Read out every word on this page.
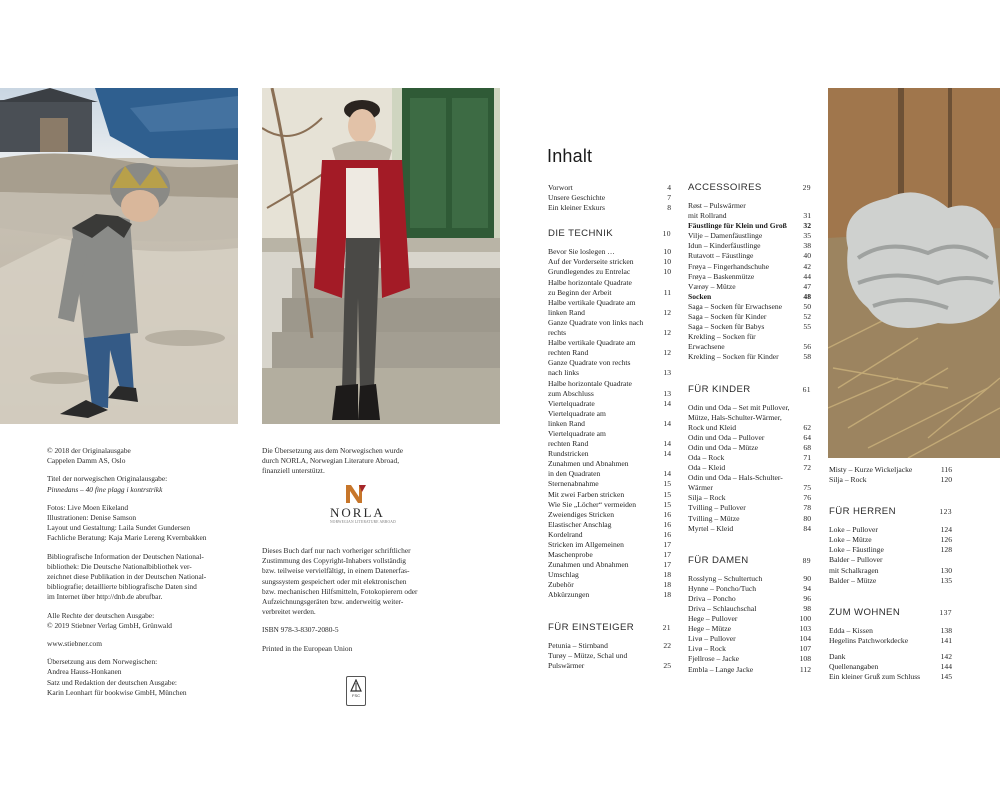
© 2018 der Originalausgabe
Cappelen Damm AS, Oslo
Titel der norwegischen Originalausgabe:
Pinnedans – 40 fine plagg i kontrstrikk
Fotos: Live Moen Eikeland
Illustrationen: Denise Samson
Layout und Gestaltung: Laila Sundet Gundersen
Fachliche Beratung: Kaja Marie Lereng Kvernbakken
Bibliografische Information der Deutschen National-
bibliothek: Die Deutsche Nationalbibliothek ver-
zeichnet diese Publikation in der Deutschen National-
bibliografie; detaillierte bibliografische Daten sind
im Internet über http://dnb.de abrufbar.
Alle Rechte der deutschen Ausgabe:
© 2019 Stiebner Verlag GmbH, Grünwald
www.stiebner.com
Übersetzung aus dem Norwegischen:
Andrea Hauss-Honkanen
Satz und Redaktion der deutschen Ausgabe:
Karin Leonhart für bookwise GmbH, München
Die Übersetzung aus dem Norwegischen wurde
durch NORLA, Norwegian Literature Abroad,
finanziell unterstützt.
NORLA
NORWEGIAN LITERATURE ABROAD
Dieses Buch darf nur nach vorheriger schriftlicher
Zustimmung des Copyright-Inhabers vollständig
bzw. teilweise vervielfältigt, in einem Datenerfas-
sungssystem gespeichert oder mit elektronischen
bzw. mechanischen Hilfsmitteln, Fotokopierern oder
Aufzeichnungsgeräten bzw. anderweitig weiter-
verbreitet werden.
ISBN 978-3-8307-2080-5
Printed in the European Union
FSC
Inhalt
Vorwort	4
Unsere Geschichte	7
Ein kleiner Exkurs	8
DIE TECHNIK	10
Bevor Sie loslegen …	10
Auf der Vorderseite stricken	10
Grundlegendes zu Entrelac	10
Halbe horizontale Quadrate
zu Beginn der Arbeit	11
Halbe vertikale Quadrate am
linken Rand	12
Ganze Quadrate von links nach
rechts	12
Halbe vertikale Quadrate am
rechten Rand	12
Ganze Quadrate von rechts
nach links	13
Halbe horizontale Quadrate
zum Abschluss	13
Viertelquadrate	14
Viertelquadrate am
linken Rand	14
Viertelquadrate am
rechten Rand	14
Rundstricken	14
Zunahmen und Abnahmen
in den Quadraten	14
Sternenabnahme	15
Mit zwei Farben stricken	15
Wie Sie „Löcher“ vermeiden	15
Zweiendiges Stricken	16
Elastischer Anschlag	16
Kordelrand	16
Stricken im Allgemeinen	17
Maschenprobe	17
Zunahmen und Abnahmen	17
Umschlag	18
Zubehör	18
Abkürzungen	18
FÜR EINSTEIGER	21
Petunia – Stirnband	22
Turøy – Mütze, Schal und
Pulswärmer	25
ACCESSOIRES	29
Røst – Pulswärmer
mit Rollrand	31
Fäustlinge für Klein und Groß 32
Vilje – Damenfäustlinge	35
Idun – Kinderfäustlinge	38
Rutavott – Fäustlinge	40
Frøya – Fingerhandschuhe	42
Frøya – Baskenmütze	44
Værøy – Mütze	47
Socken	48
Saga – Socken für Erwachsene	50
Saga – Socken für Kinder	52
Saga – Socken für Babys	55
Krekling – Socken für
Erwachsene	56
Krekling – Socken für Kinder	58
FÜR KINDER	61
Odin und Oda – Set mit Pullover,
Mütze, Hals-Schulter-Wärmer,
Rock und Kleid	62
Odin und Oda – Pullover	64
Odin und Oda – Mütze	68
Oda – Rock	71
Oda – Kleid	72
Odin und Oda – Hals-Schulter-
Wärmer	75
Silja – Rock	76
Tvilling – Pullover	78
Tvilling – Mütze	80
Myrtel – Kleid	84
FÜR DAMEN	89
Rosslyng – Schultertuch	90
Hynne – Poncho/Tuch	94
Driva – Poncho	96
Driva – Schlauchschal	98
Hege – Pullover	100
Hege – Mütze	103
Livø – Pullover	104
Livø – Rock	107
Fjellrose – Jacke	108
Embla – Lange Jacke	112
Misty – Kurze Wickeljacke	116
Silja – Rock	120
FÜR HERREN	123
Loke – Pullover	124
Loke – Mütze	126
Loke – Fäustlinge	128
Balder – Pullover
mit Schalkragen	130
Balder – Mütze	135
ZUM WOHNEN	137
Edda – Kissen	138
Hegelins Patchworkdecke	141
Dank	142
Quellenangaben	144
Ein kleiner Gruß zum Schluss	145
